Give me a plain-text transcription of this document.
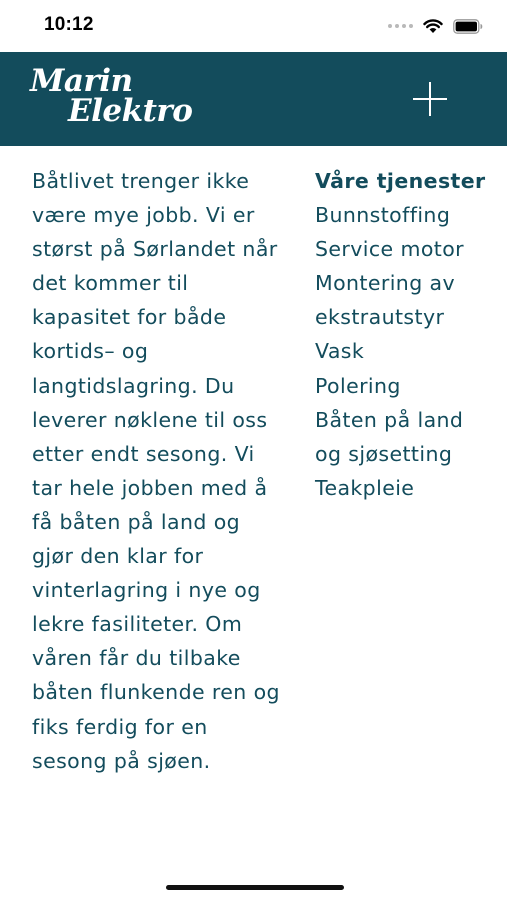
10:12
Marin
Elektro

Båtlivet trenger ikke være mye jobb. Vi er størst på Sørlandet når det kommer til kapasitet for både kortids– og langtidslagring. Du leverer nøklene til oss etter endt sesong. Vi tar hele jobben med å få båten på land og gjør den klar for vinterlagring i nye og lekre fasiliteter. Om våren får du tilbake båten flunkende ren og fiks ferdig for en sesong på sjøen.

Våre tjenester
Bunnstoffing
Service motor
Montering av ekstrautstyr
Vask
Polering
Båten på land og sjøsetting
Teakpleie
